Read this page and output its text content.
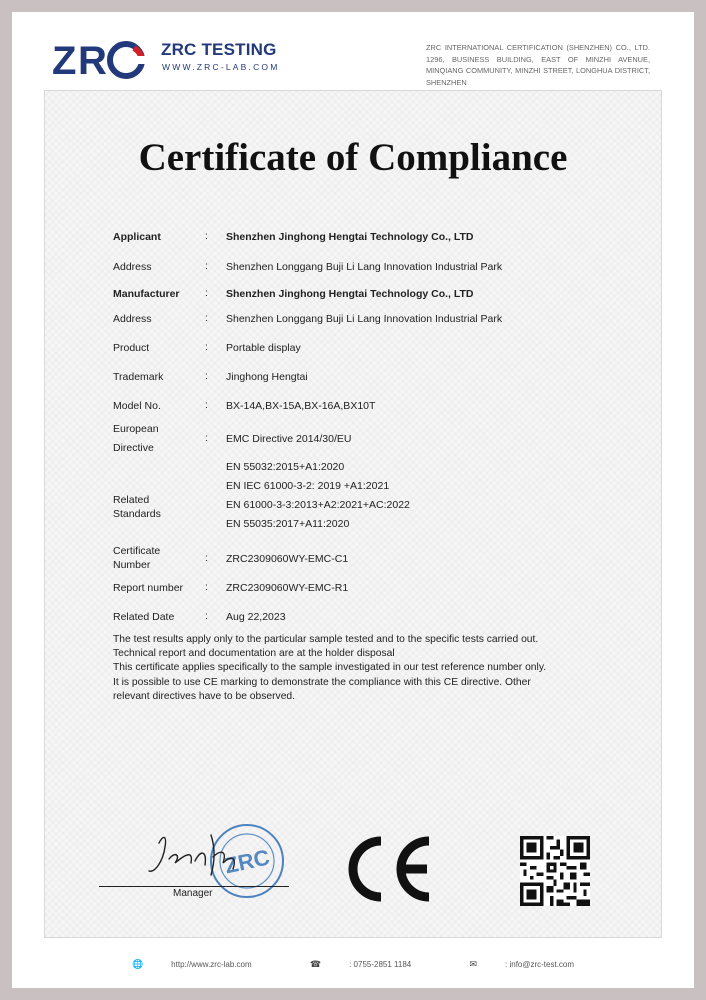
Z R	ZRC TESTING
WWW.ZRC-LAB.COM
ZRC INTERNATIONAL CERTIFICATION (SHENZHEN) CO., LTD. 1296, BUSINESS BUILDING, EAST OF MINZHI AVENUE, MINQIANG COMMUNITY, MINZHI STREET, LONGHUA DISTRICT, SHENZHEN
Certificate of Compliance
Applicant	: Shenzhen Jinghong Hengtai Technology Co., LTD
Address	: Shenzhen Longgang Buji Li Lang Innovation Industrial Park
Manufacturer : Shenzhen Jinghong Hengtai Technology Co., LTD
Address	: Shenzhen Longgang Buji Li Lang Innovation Industrial Park
Product	: Portable display
Trademark	: Jinghong Hengtai
Model No.	: BX-14A,BX-15A,BX-16A,BX10T
European
Directive
: EMC Directive 2014/30/EU
Related
Standards
EN 55032:2015+A1:2020
EN IEC 61000-3-2: 2019 +A1:2021
EN 61000-3-3:2013+A2:2021+AC:2022
EN 55035:2017+A11:2020
Certificate
Number
: ZRC2309060WY-EMC-C1
Report number : ZRC2309060WY-EMC-R1
Related Date	: Aug 22,2023
The test results apply only to the particular sample tested and to the specific tests carried out.
Technical report and documentation are at the holder disposal
This certificate applies specifically to the sample investigated in our test reference number only.
It is possible to use CE marking to demonstrate the compliance with this CE directive. Other
relevant directives have to be observed.
ZRC
Manager
🌐	http://www.zrc-lab.com	☎	: 0755-2851 1184	✉	: info@zrc-test.com
